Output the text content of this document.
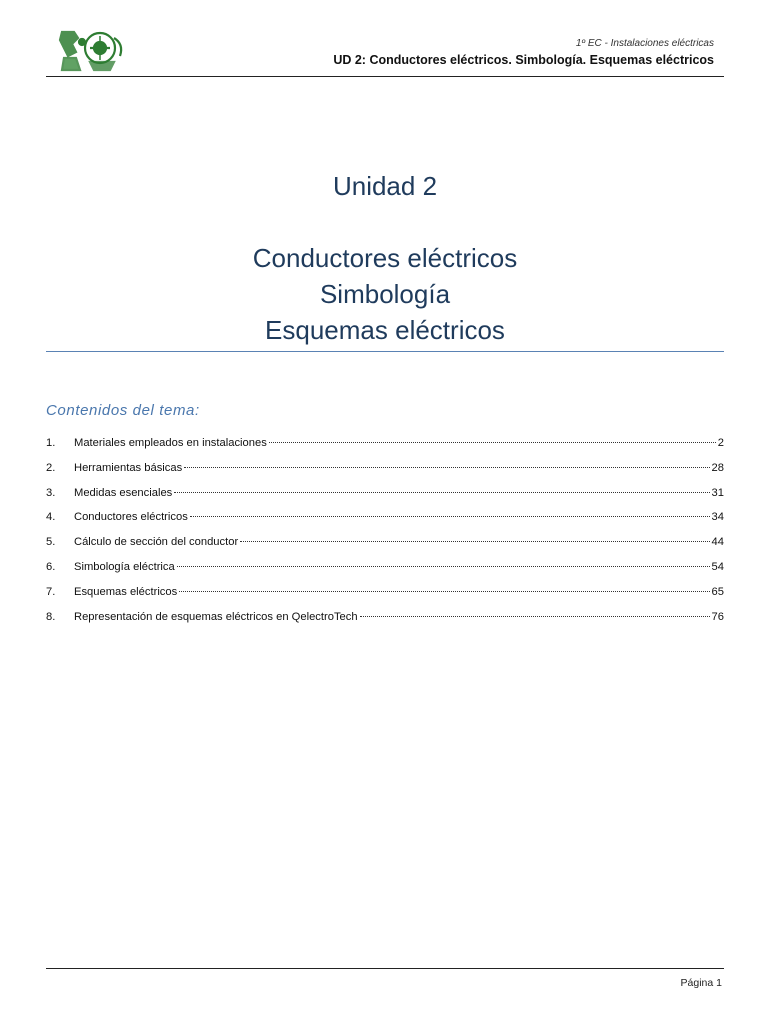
1º EC - Instalaciones eléctricas
UD 2: Conductores eléctricos. Simbología. Esquemas eléctricos

Unidad 2

Conductores eléctricos

Simbología

Esquemas eléctricos

Contenidos del tema:
1.	Materiales empleados en instalaciones	2
2.	Herramientas básicas	28
3.	Medidas esenciales	31
4.	Conductores eléctricos	34
5.	Cálculo de sección del conductor	44
6.	Simbología eléctrica	54
7.	Esquemas eléctricos	65
8.	Representación de esquemas eléctricos en QelectroTech	76
Página 1
